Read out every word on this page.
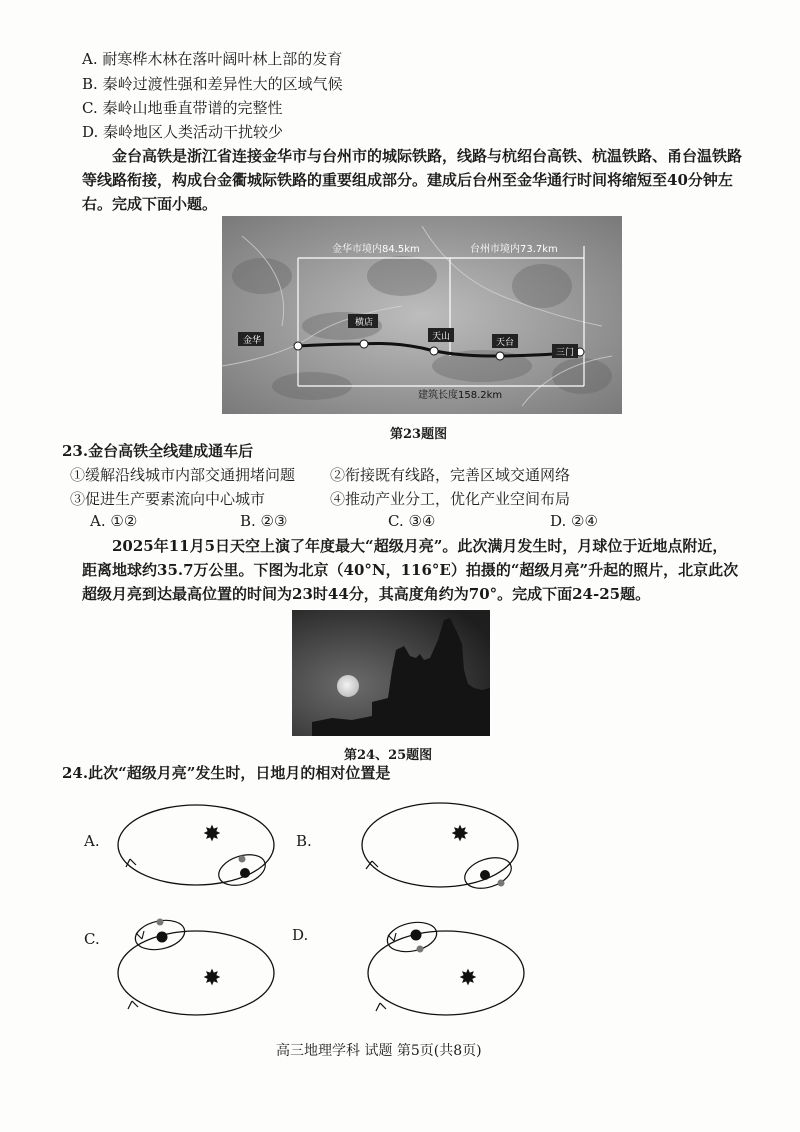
A. 耐寒桦木林在落叶阔叶林上部的发育
B. 秦岭过渡性强和差异性大的区域气候
C. 秦岭山地垂直带谱的完整性
D. 秦岭地区人类活动干扰较少
金台高铁是浙江省连接金华市与台州市的城际铁路，线路与杭绍台高铁、杭温铁路、甬台温铁路等线路衔接，构成台金衢城际铁路的重要组成部分。建成后台州至金华通行时间将缩短至40分钟左右。完成下面小题。
金华市境内84.5km	台州市境内73.7km
建筑长度158.2km
金华
横店
天山
天台
三门
第23题图
23.金台高铁全线建成通车后
①缓解沿线城市内部交通拥堵问题 ②衔接既有线路，完善区域交通网络
③促进生产要素流向中心城市	④推动产业分工，优化产业空间布局
A. ①②	B. ②③	C. ③④	D. ②④
2025年11月5日天空上演了年度最大“超级月亮”。此次满月发生时，月球位于近地点附近，距离地球约35.7万公里。下图为北京（40°N，116°E）拍摄的“超级月亮”升起的照片，北京此次超级月亮到达最高位置的时间为23时44分，其高度角约为70°。完成下面24-25题。
第24、25题图
24.此次“超级月亮”发生时，日地月的相对位置是
A.	B.
C.	D.
✸	✸
✸	✸
高三地理学科 试题 第5页(共8页)
